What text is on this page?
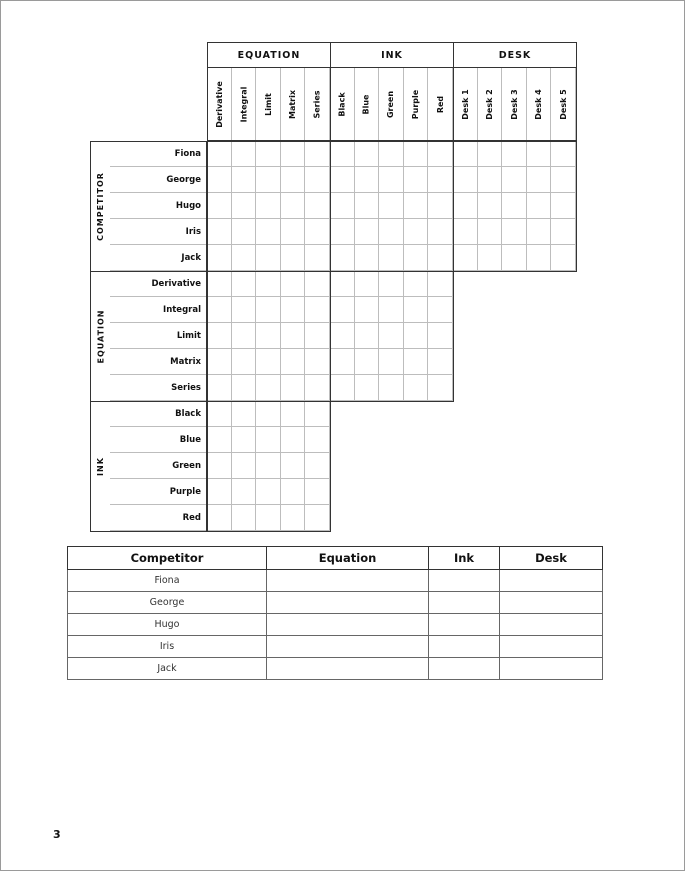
EQUATION
Derivative Integral Limit Matrix Series
INK
Black Blue Green Purple Red
DESK
Desk 1 Desk 2 Desk 3 Desk 4 Desk 5
COMPETITOR
Fiona
George
Hugo
Iris
Jack
EQUATION
Derivative
Integral
Limit
Matrix
Series
INK
Black
Blue
Green
Purple
Red
Competitor	Equation	Ink	Desk
Fiona			
George			
Hugo			
Iris			
Jack			
3
